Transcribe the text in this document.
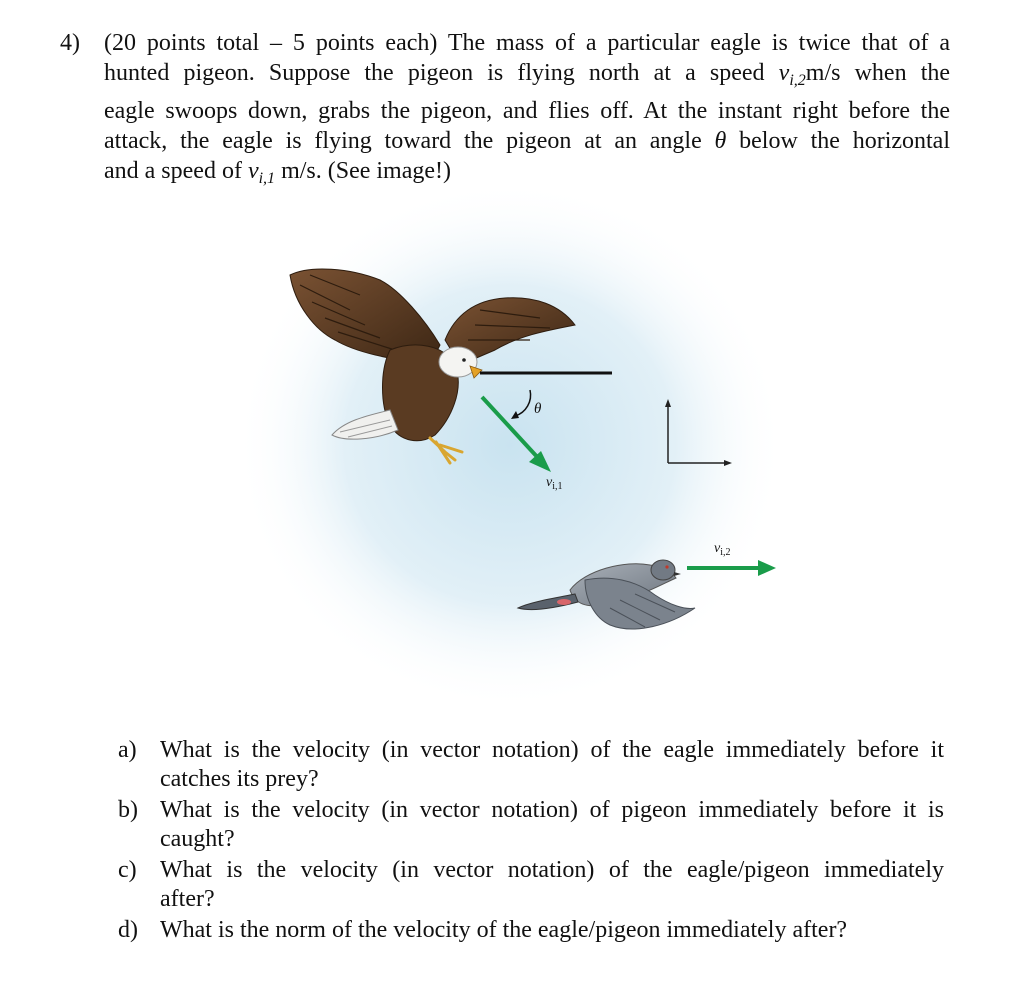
4) (20 points total – 5 points each) The mass of a particular eagle is twice that of a

hunted pigeon. Suppose the pigeon is flying north at a speed $v_{i,2}m/s$ when the

eagle swoops down, grabs the pigeon, and flies off. At the instant right before the

attack, the eagle is flying toward the pigeon at an angle θ below the horizontal

and a speed of $v_{i,1}$ m/s. (See image!)

θ
$v_{i,1}$
$v_{i,2}$
a) What is the velocity (in vector notation) of the eagle immediately before it
catches its prey?
b) What is the velocity (in vector notation) of pigeon immediately before it is
caught?
c) What is the velocity (in vector notation) of the eagle/pigeon immediately
after?
d) What is the norm of the velocity of the eagle/pigeon immediately after?
